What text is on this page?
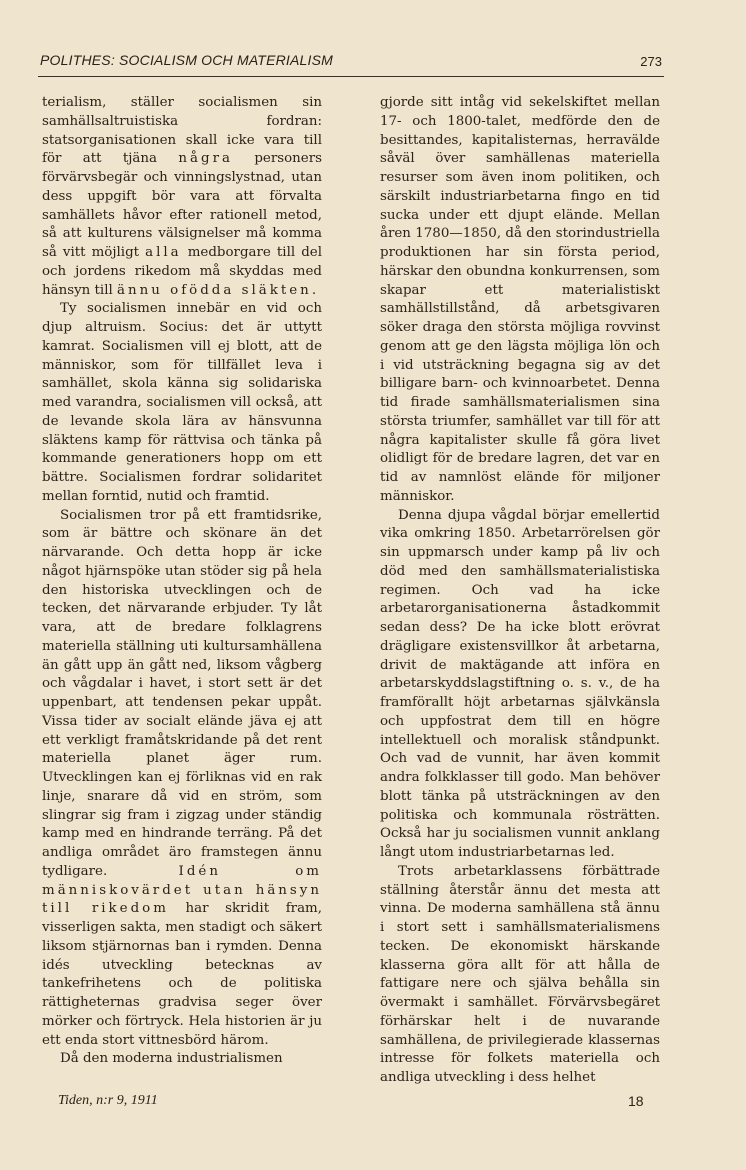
POLITHES: SOCIALISM OCH MATERIALISM	273

terialism, ställer socialismen sin samhällsaltruistiska fordran: statsorganisationen skall icke vara till för att tjäna några personers förvärvsbegär och vinningslystnad, utan dess uppgift bör vara att förvalta samhällets håvor efter rationell metod, så att kulturens välsignelser må komma så vitt möjligt alla medborgare till del och jordens rikedom må skyddas med hänsyn till ännu ofödda släkten.

Ty socialismen innebär en vid och djup altruism. Socius: det är uttytt kamrat. Socialismen vill ej blott, att de människor, som för tillfället leva i samhället, skola känna sig solidariska med varandra, socialismen vill också, att de levande skola lära av hänsvunna släktens kamp för rättvisa och tänka på kommande generationers hopp om ett bättre. Socialismen fordrar solidaritet mellan forntid, nutid och framtid.

Socialismen tror på ett framtidsrike, som är bättre och skönare än det närvarande. Och detta hopp är icke något hjärnspöke utan stöder sig på hela den historiska utvecklingen och de tecken, det närvarande erbjuder. Ty låt vara, att de bredare folklagrens materiella ställning uti kultursamhällena än gått upp än gått ned, liksom vågberg och vågdalar i havet, i stort sett är det uppenbart, att tendensen pekar uppåt. Vissa tider av socialt elände jäva ej att ett verkligt framåtskridande på det rent materiella planet äger rum. Utvecklingen kan ej förliknas vid en rak linje, snarare då vid en ström, som slingrar sig fram i zigzag under ständig kamp med en hindrande terräng. På det andliga området äro framstegen ännu tydligare. Idén om människovärdet utan hänsyn till rikedom har skridit fram, visserligen sakta, men stadigt och säkert liksom stjärnornas ban i rymden. Denna idés utveckling betecknas av tankefrihetens och de politiska rättigheternas gradvisa seger över mörker och förtryck. Hela historien är ju ett enda stort vittnesbörd härom.

Då den moderna industrialismen

gjorde sitt intåg vid sekelskiftet mellan 17- och 1800-talet, medförde den de besittandes, kapitalisternas, herravälde såväl över samhällenas materiella resurser som även inom politiken, och särskilt industriarbetarna fingo en tid sucka under ett djupt elände. Mellan åren 1780—1850, då den storindustriella produktionen har sin första period, härskar den obundna konkurrensen, som skapar ett materialistiskt samhällstillstånd, då arbetsgivaren söker draga den största möjliga rovvinst genom att ge den lägsta möjliga lön och i vid utsträckning begagna sig av det billigare barn- och kvinnoarbetet. Denna tid firade samhällsmaterialismen sina största triumfer, samhället var till för att några kapitalister skulle få göra livet olidligt för de bredare lagren, det var en tid av namnlöst elände för miljoner människor.

Denna djupa vågdal börjar emellertid vika omkring 1850. Arbetarrörelsen gör sin uppmarsch under kamp på liv och död med den samhällsmaterialistiska regimen. Och vad ha icke arbetarorganisationerna åstadkommit sedan dess? De ha icke blott erövrat drägligare existensvillkor åt arbetarna, drivit de maktägande att införa en arbetarskyddslagstiftning o. s. v., de ha framförallt höjt arbetarnas självkänsla och uppfostrat dem till en högre intellektuell och moralisk ståndpunkt. Och vad de vunnit, har även kommit andra folkklasser till godo. Man behöver blott tänka på utsträckningen av den politiska och kommunala rösträtten. Också har ju socialismen vunnit anklang långt utom industriarbetarnas led.

Trots arbetarklassens förbättrade ställning återstår ännu det mesta att vinna. De moderna samhällena stå ännu i stort sett i samhällsmaterialismens tecken. De ekonomiskt härskande klasserna göra allt för att hålla de fattigare nere och själva behålla sin övermakt i samhället. Förvärvsbegäret förhärskar helt i de nuvarande samhällena, de privilegierade klassernas intresse för folkets materiella och andliga utveckling i dess helhet

Tiden, n:r 9, 1911	18
